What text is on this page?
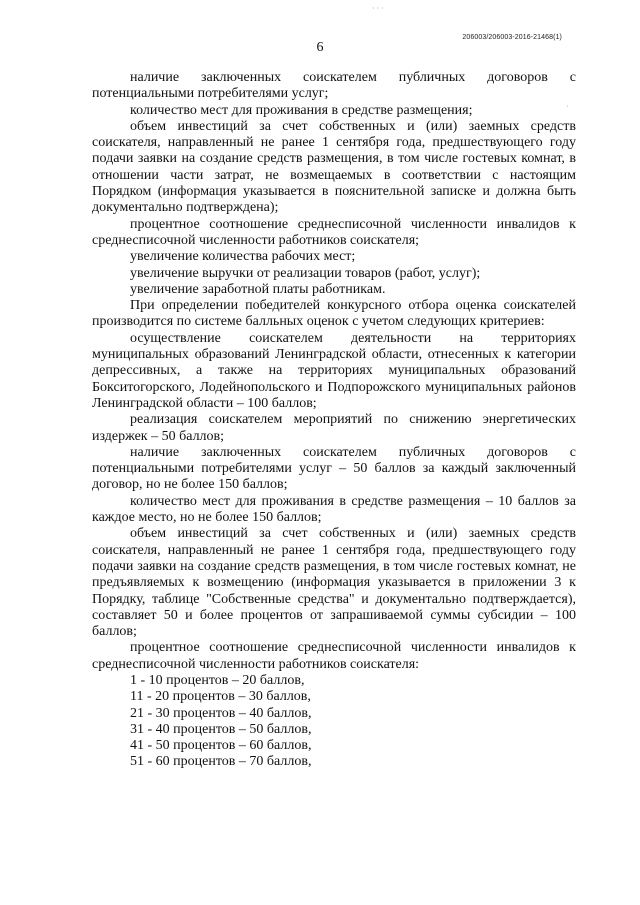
· · ·
·
206003/206003-2016-21468(1)
6

наличие заключенных соискателем публичных договоров с потенциальными потребителями услуг;

количество мест для проживания в средстве размещения;

объем инвестиций за счет собственных и (или) заемных средств соискателя, направленный не ранее 1 сентября года, предшествующего году подачи заявки на создание средств размещения, в том числе гостевых комнат, в отношении части затрат, не возмещаемых в соответствии с настоящим Порядком (информация указывается в пояснительной записке и должна быть документально подтверждена);

процентное соотношение среднесписочной численности инвалидов к среднесписочной численности работников соискателя;

увеличение количества рабочих мест;

увеличение выручки от реализации товаров (работ, услуг);

увеличение заработной платы работникам.

При определении победителей конкурсного отбора оценка соискателей производится по системе балльных оценок с учетом следующих критериев:

осуществление соискателем деятельности на территориях муниципальных образований Ленинградской области, отнесенных к категории депрессивных, а также на территориях муниципальных образований Бокситогорского, Лодейнопольского и Подпорожского муниципальных районов Ленинградской области – 100 баллов;

реализация соискателем мероприятий по снижению энергетических издержек – 50 баллов;

наличие заключенных соискателем публичных договоров с потенциальными потребителями услуг – 50 баллов за каждый заключенный договор, но не более 150 баллов;

количество мест для проживания в средстве размещения – 10 баллов за каждое место, но не более 150 баллов;

объем инвестиций за счет собственных и (или) заемных средств соискателя, направленный не ранее 1 сентября года, предшествующего году подачи заявки на создание средств размещения, в том числе гостевых комнат, не предъявляемых к возмещению (информация указывается в приложении 3 к Порядку, таблице "Собственные средства" и документально подтверждается), составляет 50 и более процентов от запрашиваемой суммы субсидии – 100 баллов;

процентное соотношение среднесписочной численности инвалидов к среднесписочной численности работников соискателя:

1 - 10 процентов – 20 баллов,

11 - 20 процентов – 30 баллов,

21 - 30 процентов – 40 баллов,

31 - 40 процентов – 50 баллов,

41 - 50 процентов – 60 баллов,

51 - 60 процентов – 70 баллов,
